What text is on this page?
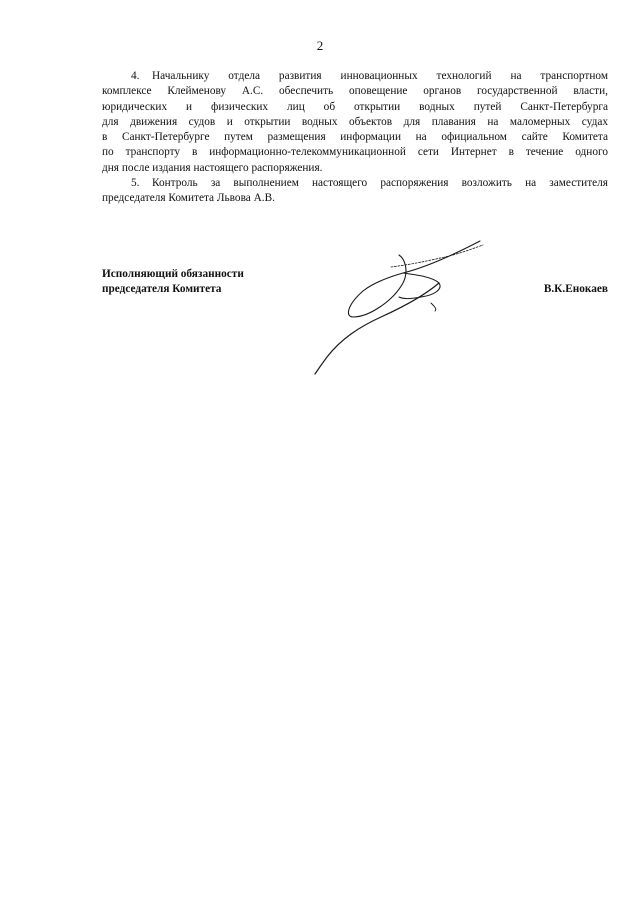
2

4. Начальнику отдела развития инновационных технологий на транспортном
комплексе Клейменову А.С. обеспечить оповещение органов государственной власти,
юридических и физических лиц об открытии водных путей Санкт-Петербурга
для движения судов и открытии водных объектов для плавания на маломерных судах
в Санкт-Петербурге путем размещения информации на официальном сайте Комитета
по транспорту в информационно-телекоммуникационной сети Интернет в течение одного
дня после издания настоящего распоряжения.

5. Контроль за выполнением настоящего распоряжения возложить на заместителя
председателя Комитета Львова А.В.

Исполняющий обязанности
председателя Комитета	В.К.Енокаев
